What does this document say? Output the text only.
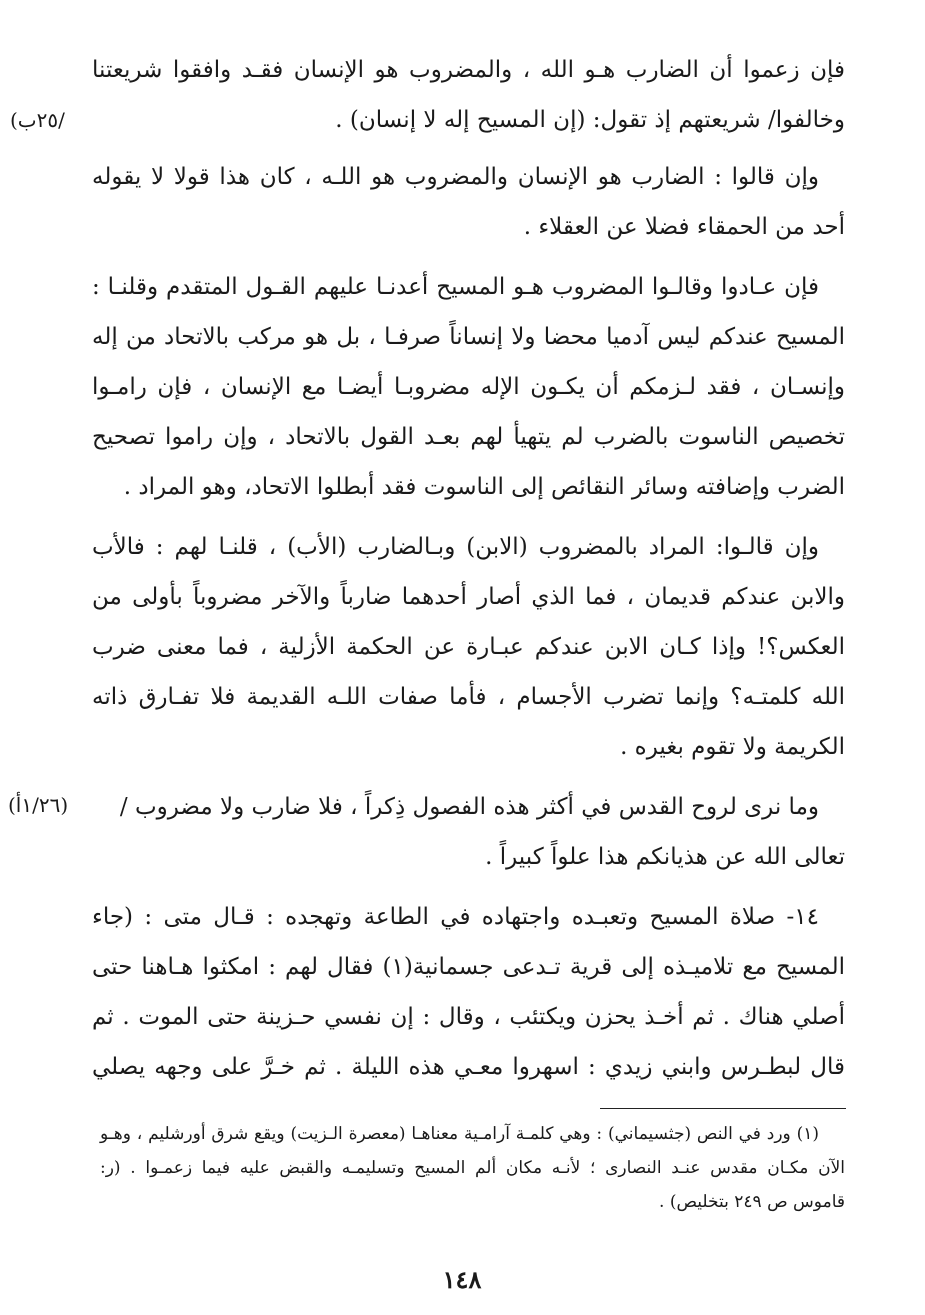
فإن زعموا أن الضارب هـو الله ، والمضروب هو الإنسان فقـد وافقوا شريعتنا
وخالفوا/ شريعتهم إذ تقول: (إن المسيح إله لا إنسان) .
/٢٥ب)
وإن قالوا : الضارب هو الإنسان والمضروب هو اللـه ، كان هذا قولا لا يقوله
أحد من الحمقاء فضلا عن العقلاء .
فإن عـادوا وقالـوا المضروب هـو المسيح أعدنـا عليهم القـول المتقدم وقلنـا :
المسيح عندكم ليس آدميا محضا ولا إنساناً صرفـا ، بل هو مركب بالاتحاد من إله
وإنسـان ، فقد لـزمكم أن يكـون الإله مضروبـا أيضـا مع الإنسان ، فإن رامـوا
تخصيص الناسوت بالضرب لم يتهيأ لهم بعـد القول بالاتحاد ، وإن راموا تصحيح
الضرب وإضافته وسائر النقائص إلى الناسوت فقد أبطلوا الاتحاد، وهو المراد .
وإن قالـوا: المراد بالمضروب (الابن) وبـالضارب (الأب) ، قلنـا لهم : فالأب
والابن عندكم قديمان ، فما الذي أصار أحدهما ضارباً والآخر مضروباً بأولى من
العكس؟! وإذا كـان الابن عندكم عبـارة عن الحكمة الأزلية ، فما معنى ضرب
الله كلمتـه؟ وإنما تضرب الأجسام ، فأما صفات اللـه القديمة فلا تفـارق ذاته
الكريمة ولا تقوم بغيره .
وما نرى لروح القدس في أكثر هذه الفصول ذِكراً ، فلا ضارب ولا مضروب /
(١/٢٦أ)
تعالى الله عن هذيانكم هذا علواً كبيراً .
١٤- صلاة المسيح وتعبـده واجتهاده في الطاعة وتهجده : قـال متى : (جاء
المسيح مع تلاميـذه إلى قرية تـدعى جسمانية(١) فقال لهم : امكثوا هـاهنا حتى
أصلي هناك . ثم أخـذ يحزن ويكتئب ، وقال : إن نفسي حـزينة حتى الموت . ثم
قال لبطـرس وابني زيدي : اسهروا معـي هذه الليلة . ثم خـرَّ على وجهه يصلي
(١) ورد في النص (جثسيماني) : وهي كلمـة آرامـية معناهـا (معصرة الـزيت) ويقع شرق أورشليم ، وهـو
الآن مكـان مقدس عنـد النصارى ؛ لأنـه مكان ألم المسيح وتسليمـه والقبض عليه فيما زعمـوا . (ر:
قاموس ص ٢٤٩ بتخليص) .
١٤٨
